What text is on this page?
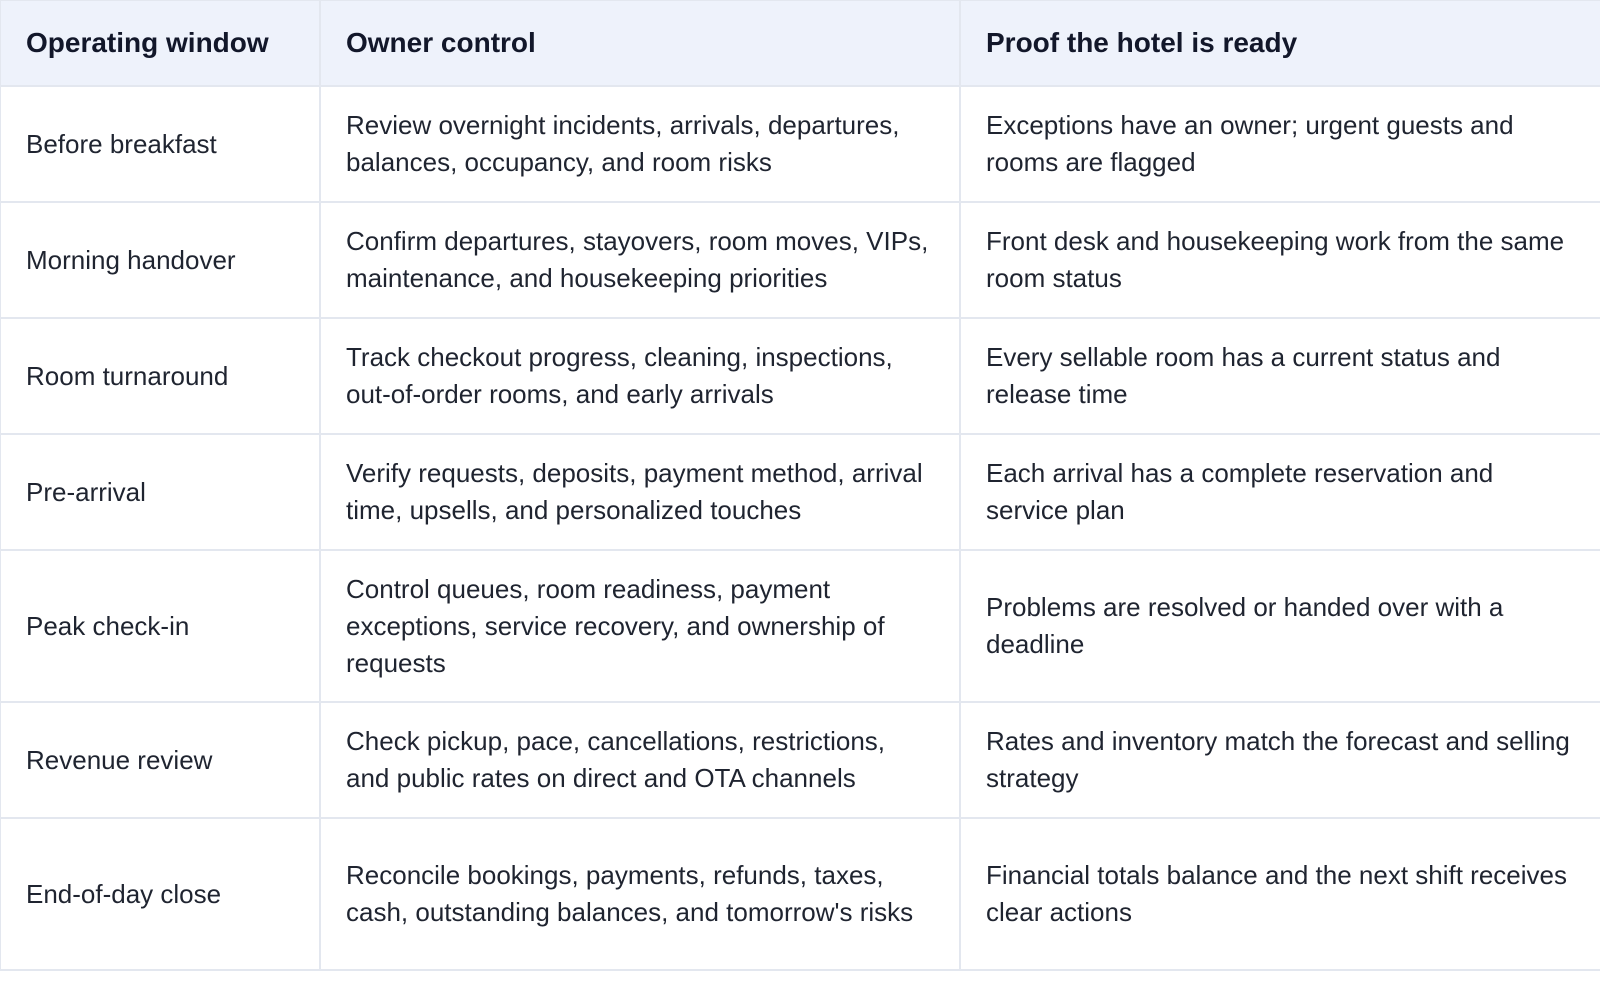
Operating window	Owner control	Proof the hotel is ready
Before breakfast	Review overnight incidents, arrivals, departures, balances, occupancy, and room risks	Exceptions have an owner; urgent guests and rooms are flagged
Morning handover	Confirm departures, stayovers, room moves, VIPs, maintenance, and housekeeping priorities	Front desk and housekeeping work from the same room status
Room turnaround	Track checkout progress, cleaning, inspections, out-of-order rooms, and early arrivals	Every sellable room has a current status and release time
Pre-arrival	Verify requests, deposits, payment method, arrival time, upsells, and personalized touches	Each arrival has a complete reservation and service plan
Peak check-in	Control queues, room readiness, payment exceptions, service recovery, and ownership of requests	Problems are resolved or handed over with a deadline
Revenue review	Check pickup, pace, cancellations, restrictions, and public rates on direct and OTA channels	Rates and inventory match the forecast and selling strategy
End-of-day close	Reconcile bookings, payments, refunds, taxes, cash, outstanding balances, and tomorrow's risks	Financial totals balance and the next shift receives clear actions
